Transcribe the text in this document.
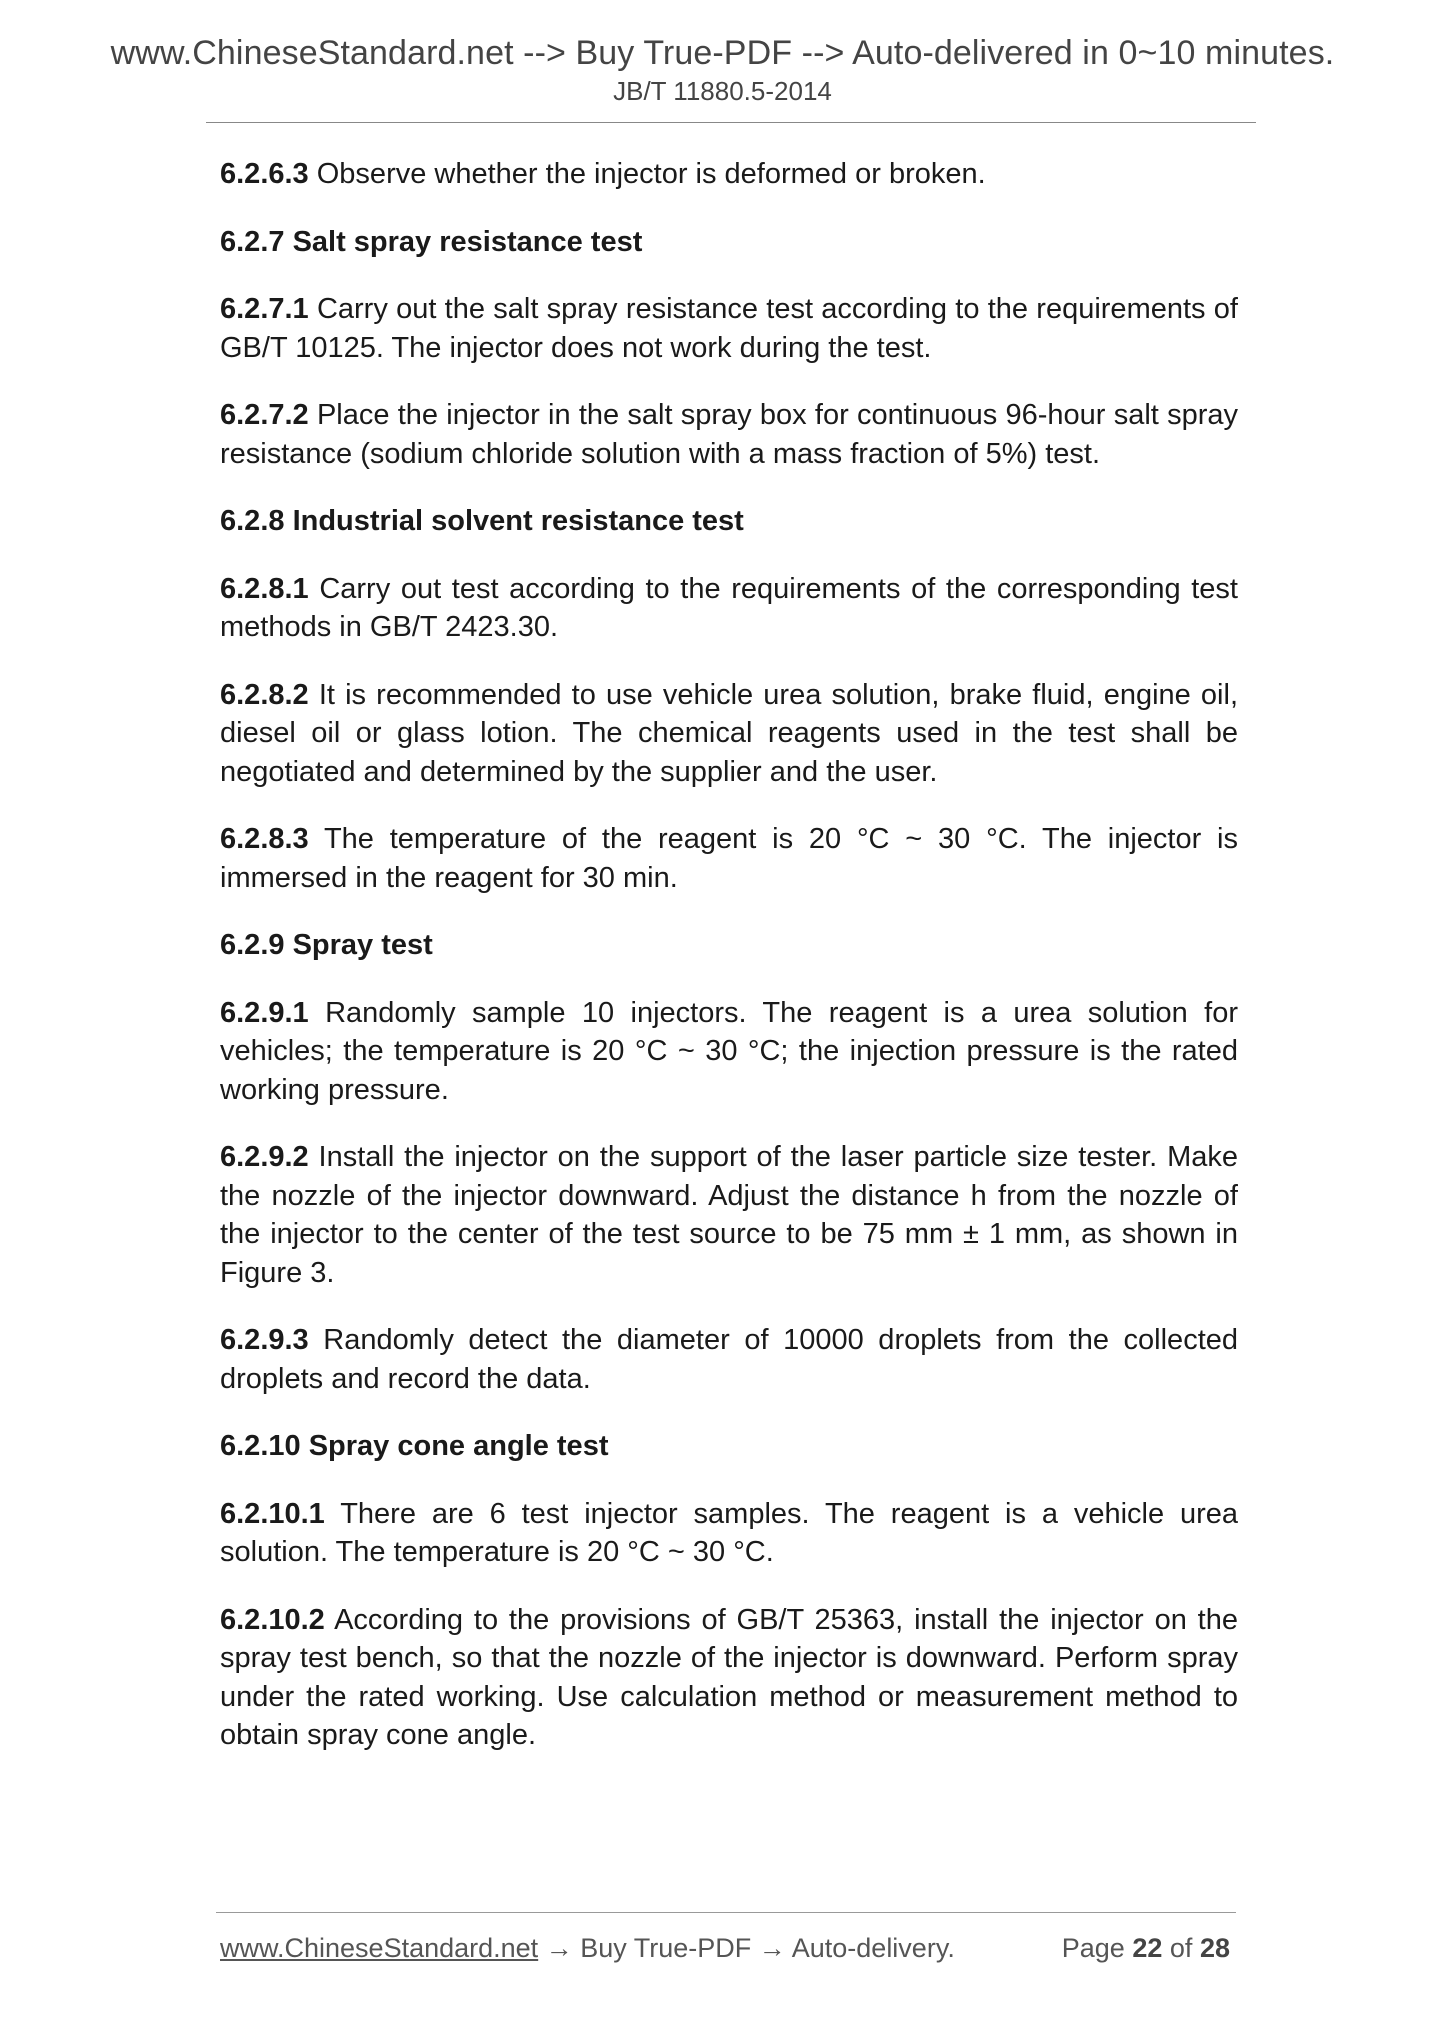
www.ChineseStandard.net --> Buy True-PDF --> Auto-delivered in 0~10 minutes.
JB/T 11880.5-2014

6.2.6.3 Observe whether the injector is deformed or broken.

6.2.7 Salt spray resistance test

6.2.7.1 Carry out the salt spray resistance test according to the requirements of GB/T 10125. The injector does not work during the test.

6.2.7.2 Place the injector in the salt spray box for continuous 96-hour salt spray resistance (sodium chloride solution with a mass fraction of 5%) test.

6.2.8 Industrial solvent resistance test

6.2.8.1 Carry out test according to the requirements of the corresponding test methods in GB/T 2423.30.

6.2.8.2 It is recommended to use vehicle urea solution, brake fluid, engine oil, diesel oil or glass lotion. The chemical reagents used in the test shall be negotiated and determined by the supplier and the user.

6.2.8.3 The temperature of the reagent is 20 °C ~ 30 °C. The injector is immersed in the reagent for 30 min.

6.2.9 Spray test

6.2.9.1 Randomly sample 10 injectors. The reagent is a urea solution for vehicles; the temperature is 20 °C ~ 30 °C; the injection pressure is the rated working pressure.

6.2.9.2 Install the injector on the support of the laser particle size tester. Make the nozzle of the injector downward. Adjust the distance h from the nozzle of the injector to the center of the test source to be 75 mm ± 1 mm, as shown in Figure 3.

6.2.9.3 Randomly detect the diameter of 10000 droplets from the collected droplets and record the data.

6.2.10 Spray cone angle test

6.2.10.1 There are 6 test injector samples. The reagent is a vehicle urea solution. The temperature is 20 °C ~ 30 °C.

6.2.10.2 According to the provisions of GB/T 25363, install the injector on the spray test bench, so that the nozzle of the injector is downward. Perform spray under the rated working. Use calculation method or measurement method to obtain spray cone angle.

www.ChineseStandard.net → Buy True-PDF → Auto-delivery.	Page 22 of 28
